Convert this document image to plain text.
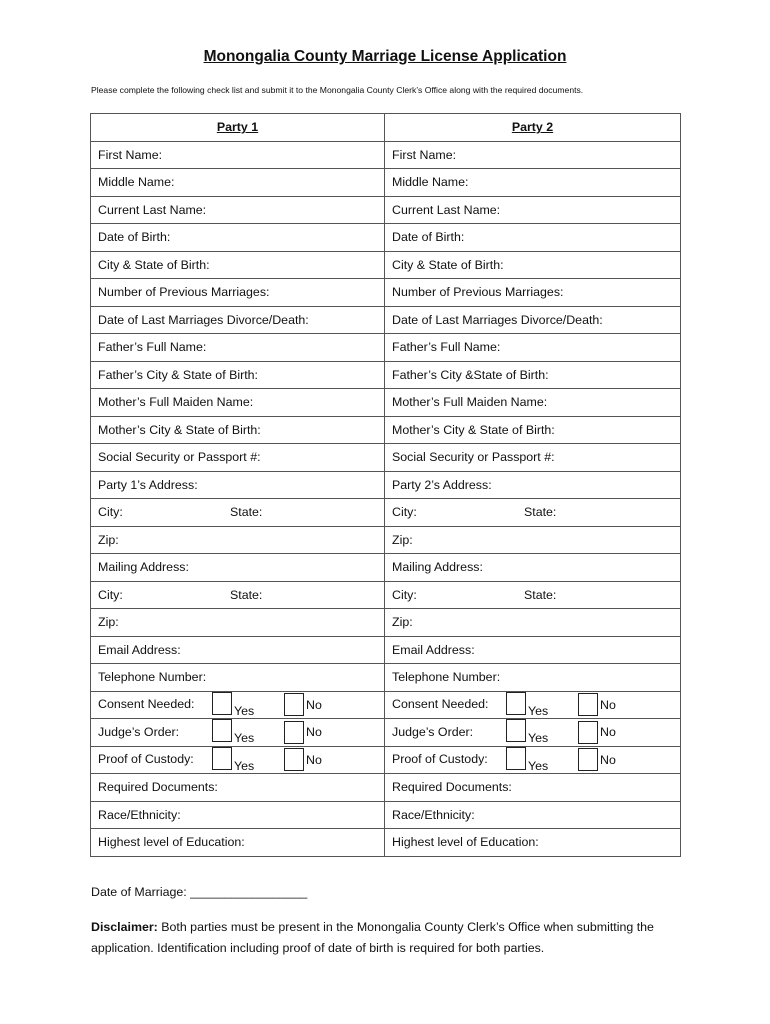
Monongalia County Marriage License Application
Please complete the following check list and submit it to the Monongalia County Clerk’s Office along with the required documents.
Party 1	Party 2
First Name:	First Name:
Middle Name:	Middle Name:
Current Last Name:	Current Last Name:
Date of Birth:	Date of Birth:
City & State of Birth:	City & State of Birth:
Number of Previous Marriages:	Number of Previous Marriages:
Date of Last Marriages Divorce/Death:	Date of Last Marriages Divorce/Death:
Father’s Full Name:	Father’s Full Name:
Father’s City & State of Birth:	Father’s City &State of Birth:
Mother’s Full Maiden Name:	Mother’s Full Maiden Name:
Mother’s City & State of Birth:	Mother’s City & State of Birth:
Social Security or Passport #:	Social Security or Passport #:
Party 1’s Address:	Party 2’s Address:
City: State:	City: State:
Zip:	Zip:
Mailing Address:	Mailing Address:
City: State:	City: State:
Zip:	Zip:
Email Address:	Email Address:
Telephone Number:	Telephone Number:
Consent Needed: Yes No	Consent Needed: Yes No

Judge’s Order: Yes No	Judge’s Order: Yes No

Proof of Custody: Yes No	Proof of Custody: Yes No

Required Documents:	Required Documents:
Race/Ethnicity:	Race/Ethnicity:
Highest level of Education:	Highest level of Education:
Date of Marriage: _________________
Disclaimer: Both parties must be present in the Monongalia County Clerk’s Office when submitting the application. Identification including proof of date of birth is required for both parties.
